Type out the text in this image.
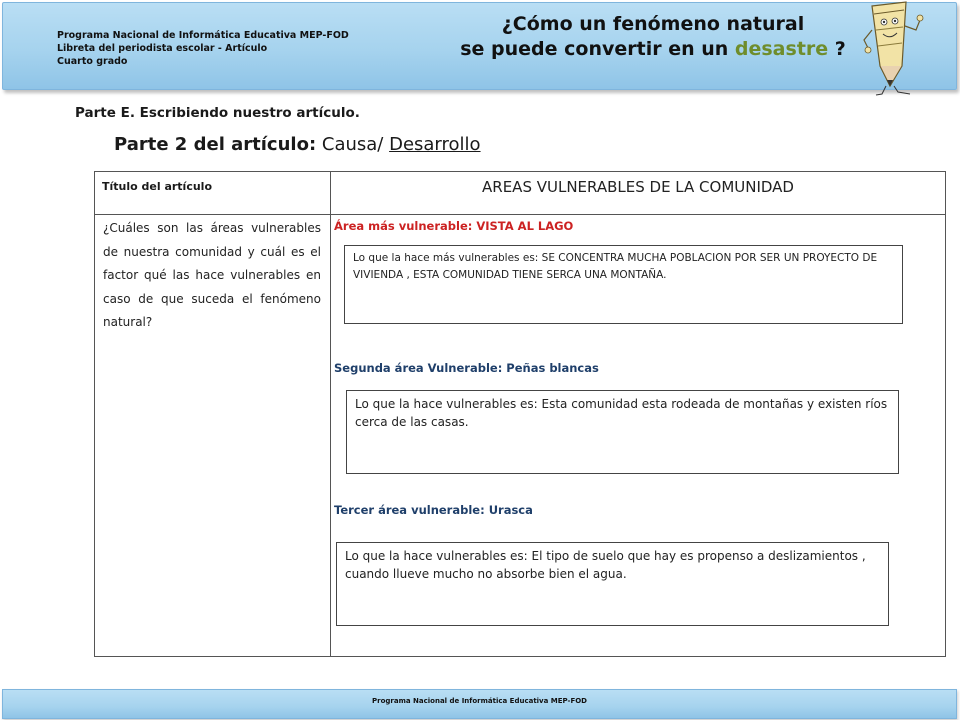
Programa Nacional de Informática Educativa MEP-FOD
Libreta del periodista escolar - Artículo
Cuarto grado
¿Cómo un fenómeno natural
se puede convertir en un desastre ?
Parte E. Escribiendo nuestro artículo.
Parte 2 del artículo: Causa/ Desarrollo
Título del artículo	AREAS VULNERABLES DE LA COMUNIDAD
¿Cuáles son las áreas vulnerables de nuestra comunidad y cuál es el factor qué las hace vulnerables en caso de que suceda el fenómeno natural?
Área más vulnerable: VISTA AL LAGO
Lo que la hace más vulnerables es: SE CONCENTRA MUCHA POBLACION POR SER UN PROYECTO DE VIVIENDA , ESTA COMUNIDAD TIENE SERCA UNA MONTAÑA.
Segunda área Vulnerable: Peñas blancas
Lo que la hace vulnerables es: Esta comunidad esta rodeada de montañas y existen ríos cerca de las casas.
Tercer área vulnerable: Urasca
Lo que la hace vulnerables es: El tipo de suelo que hay es propenso a deslizamientos , cuando llueve mucho no absorbe bien el agua.
Programa Nacional de Informática Educativa MEP-FOD
